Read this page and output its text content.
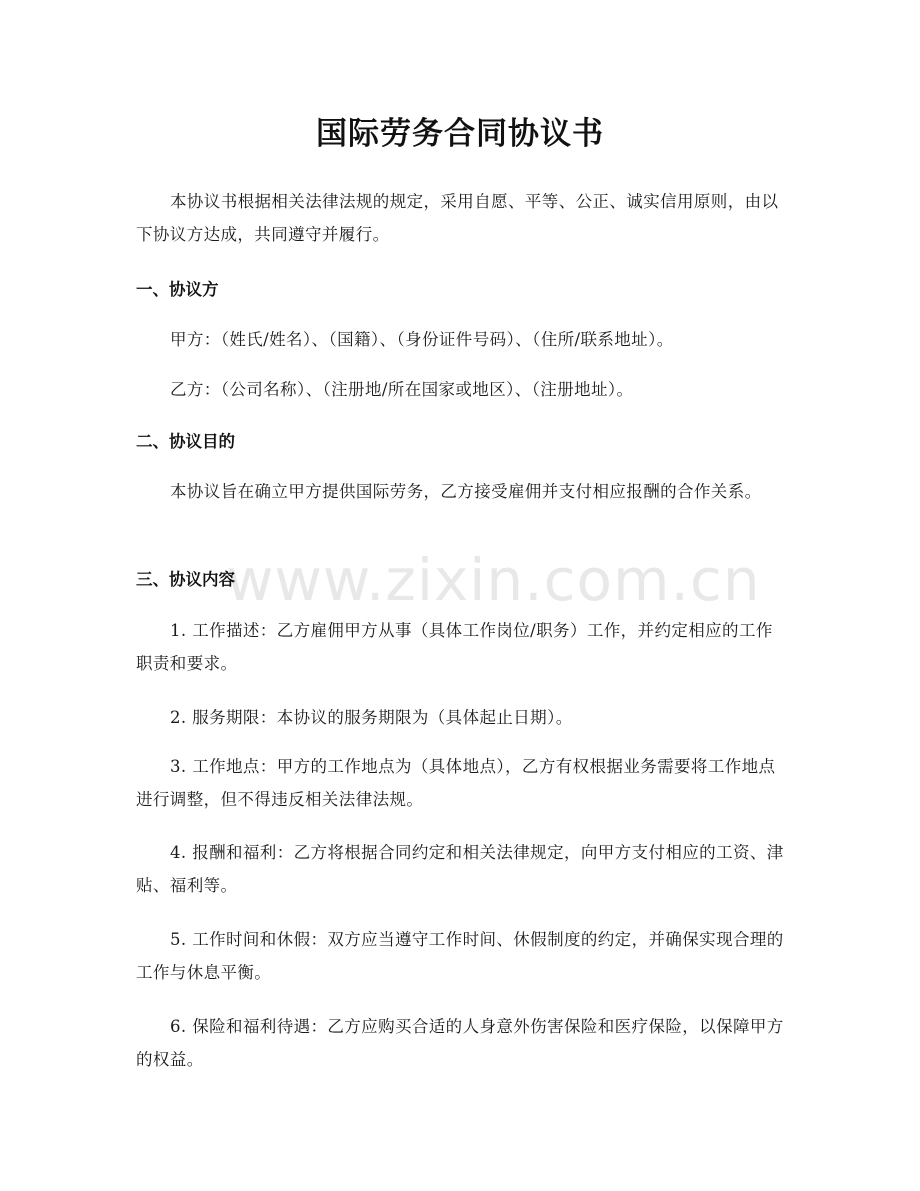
国际劳务合同协议书
本协议书根据相关法律法规的规定，采用自愿、平等、公正、诚实信用原则，由以下协议方达成，共同遵守并履行。
一、协议方
甲方：（姓氏/姓名）、（国籍）、（身份证件号码）、（住所/联系地址）。
乙方：（公司名称）、（注册地/所在国家或地区）、（注册地址）。
二、协议目的
本协议旨在确立甲方提供国际劳务，乙方接受雇佣并支付相应报酬的合作关系。
www.zixin.com.cn
三、协议内容
1. 工作描述：乙方雇佣甲方从事（具体工作岗位/职务）工作，并约定相应的工作职责和要求。
2. 服务期限：本协议的服务期限为（具体起止日期）。
3. 工作地点：甲方的工作地点为（具体地点），乙方有权根据业务需要将工作地点进行调整，但不得违反相关法律法规。
4. 报酬和福利：乙方将根据合同约定和相关法律规定，向甲方支付相应的工资、津贴、福利等。
5. 工作时间和休假：双方应当遵守工作时间、休假制度的约定，并确保实现合理的工作与休息平衡。
6. 保险和福利待遇：乙方应购买合适的人身意外伤害保险和医疗保险，以保障甲方的权益。
